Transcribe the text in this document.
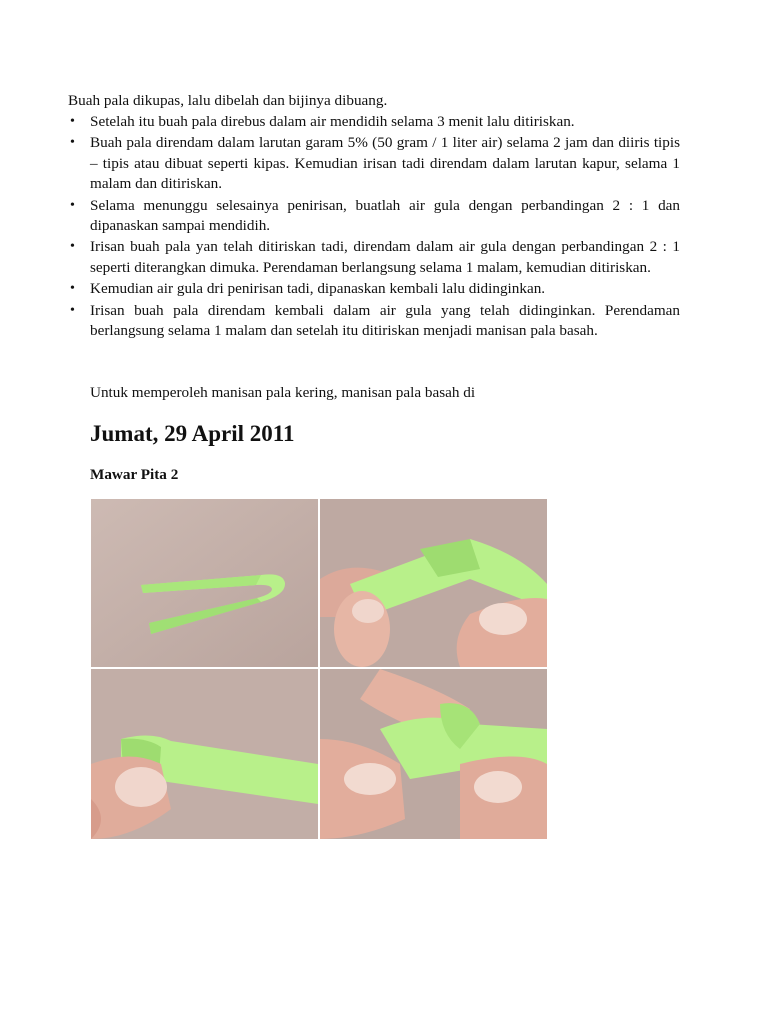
Buah pala dikupas, lalu dibelah dan bijinya dibuang.

• Setelah itu buah pala direbus dalam air mendidih selama 3 menit lalu ditiriskan.
• Buah pala direndam dalam larutan garam 5% (50 gram / 1 liter air) selama 2 jam dan diiris tipis – tipis atau dibuat seperti kipas. Kemudian irisan tadi direndam dalam larutan kapur, selama 1 malam dan ditiriskan.
• Selama menunggu selesainya penirisan, buatlah air gula dengan perbandingan 2 : 1 dan dipanaskan sampai mendidih.
• Irisan buah pala yan telah ditiriskan tadi, direndam dalam air gula dengan perbandingan 2 : 1 seperti diterangkan dimuka. Perendaman berlangsung selama 1 malam, kemudian ditiriskan.
• Kemudian air gula dri penirisan tadi, dipanaskan kembali lalu didinginkan.
• Irisan buah pala direndam kembali dalam air gula yang telah didinginkan. Perendaman berlangsung selama 1 malam dan setelah itu ditiriskan menjadi manisan pala basah.

Untuk memperoleh manisan pala kering, manisan pala basah di

Jumat, 29 April 2011
Mawar Pita 2
